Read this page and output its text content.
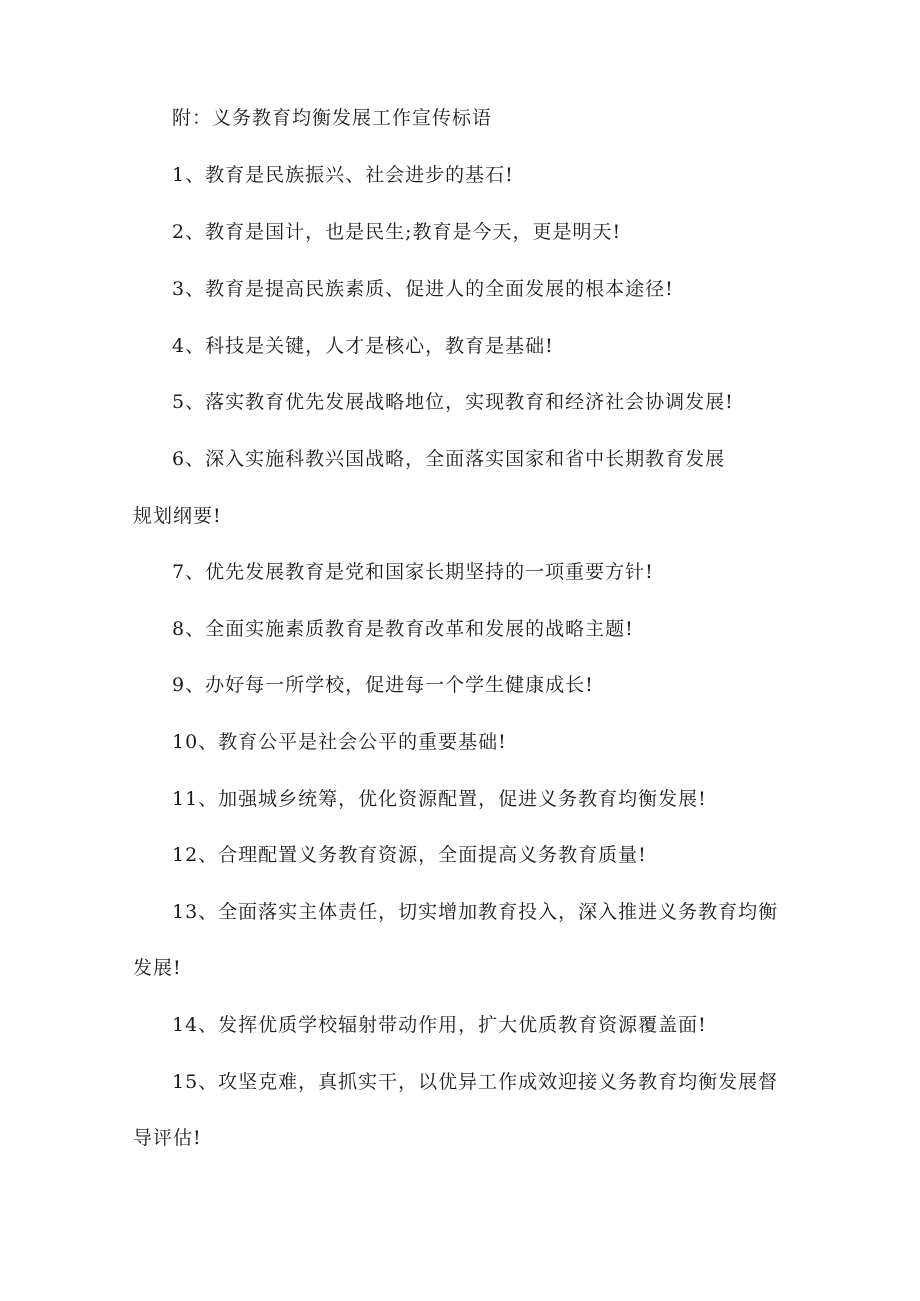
附：义务教育均衡发展工作宣传标语
1、教育是民族振兴、社会进步的基石!
2、教育是国计，也是民生;教育是今天，更是明天!
3、教育是提高民族素质、促进人的全面发展的根本途径!
4、科技是关键，人才是核心，教育是基础!
5、落实教育优先发展战略地位，实现教育和经济社会协调发展!
6、深入实施科教兴国战略，全面落实国家和省中长期教育发展
规划纲要!
7、优先发展教育是党和国家长期坚持的一项重要方针!
8、全面实施素质教育是教育改革和发展的战略主题!
9、办好每一所学校，促进每一个学生健康成长!
10、教育公平是社会公平的重要基础!
11、加强城乡统筹，优化资源配置，促进义务教育均衡发展!
12、合理配置义务教育资源，全面提高义务教育质量!
13、全面落实主体责任，切实增加教育投入，深入推进义务教育均衡
发展!
14、发挥优质学校辐射带动作用，扩大优质教育资源覆盖面!
15、攻坚克难，真抓实干，以优异工作成效迎接义务教育均衡发展督
导评估!
